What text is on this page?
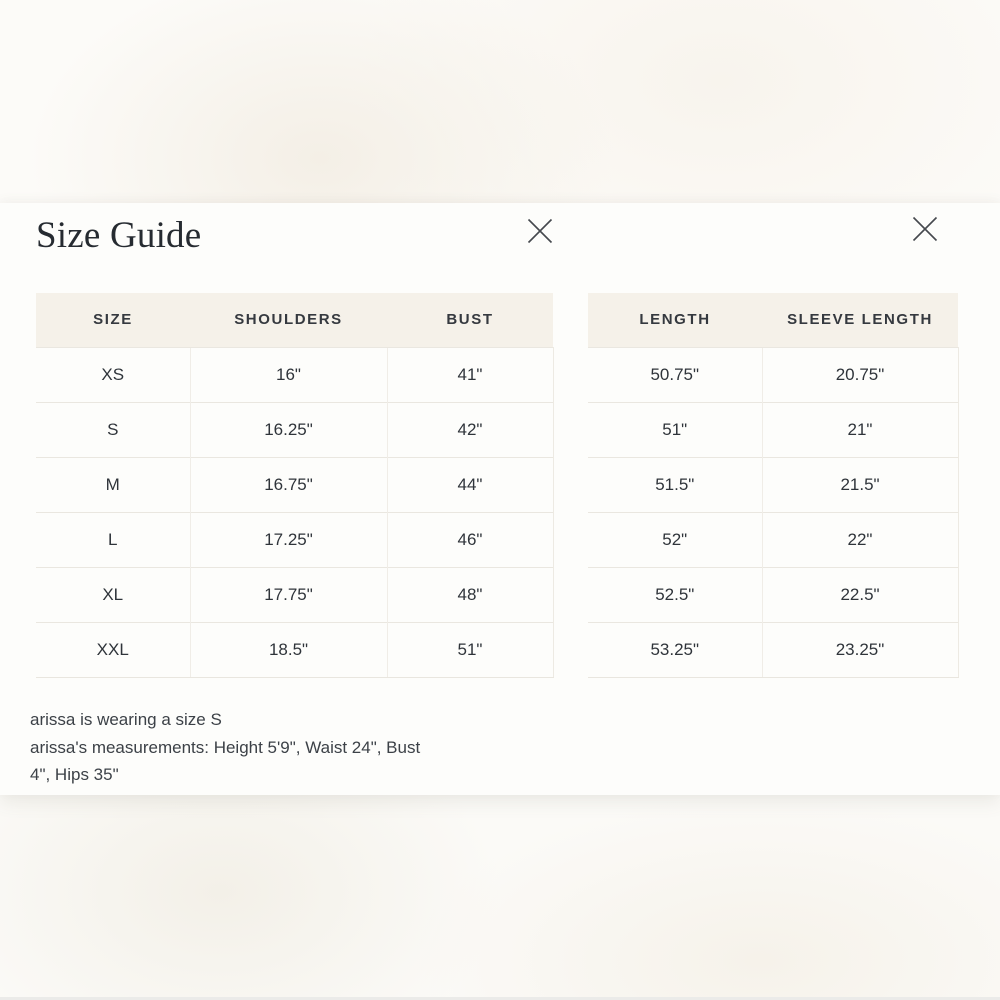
Size Guide
SIZE	SHOULDERS	BUST
XS	16"	41"
S	16.25"	42"
M	16.75"	44"
L	17.25"	46"
XL	17.75"	48"
XXL	18.5"	51"
LENGTH	SLEEVE LENGTH
50.75"	20.75"
51"	21"
51.5"	21.5"
52"	22"
52.5"	22.5"
53.25"	23.25"

arissa is wearing a size S

arissa's measurements: Height 5'9", Waist 24", Bust

4", Hips 35"
